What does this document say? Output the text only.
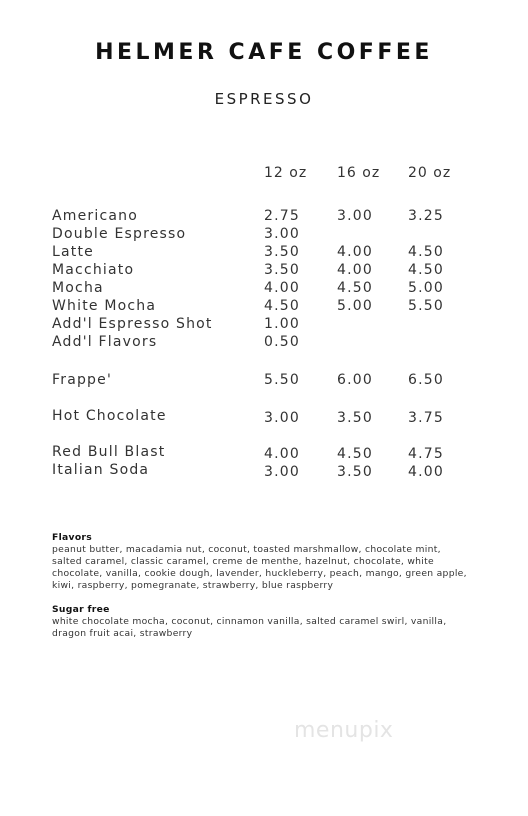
HELMER CAFE COFFEE
ESPRESSO
12 oz 16 oz 20 oz
Americano	2.75	3.00	3.25
Double Espresso	3.00
Latte	3.50	4.00	4.50
Macchiato	3.50	4.00	4.50
Mocha	4.00	4.50	5.00
White Mocha	4.50	5.00	5.50
Add'l Espresso Shot	1.00
Add'l Flavors	0.50
Frappe'	5.50	6.00	6.50
Hot Chocolate	3.00	3.50	3.75
Red Bull Blast	4.00	4.50	4.75
Italian Soda	3.00	3.50	4.00
Flavors
peanut butter, macadamia nut, coconut, toasted marshmallow, chocolate mint, salted caramel, classic caramel, creme de menthe, hazelnut, chocolate, white chocolate, vanilla, cookie dough, lavender, huckleberry, peach, mango, green apple, kiwi, raspberry, pomegranate, strawberry, blue raspberry
Sugar free
white chocolate mocha, coconut, cinnamon vanilla, salted caramel swirl, vanilla, dragon fruit acai, strawberry
menupix
